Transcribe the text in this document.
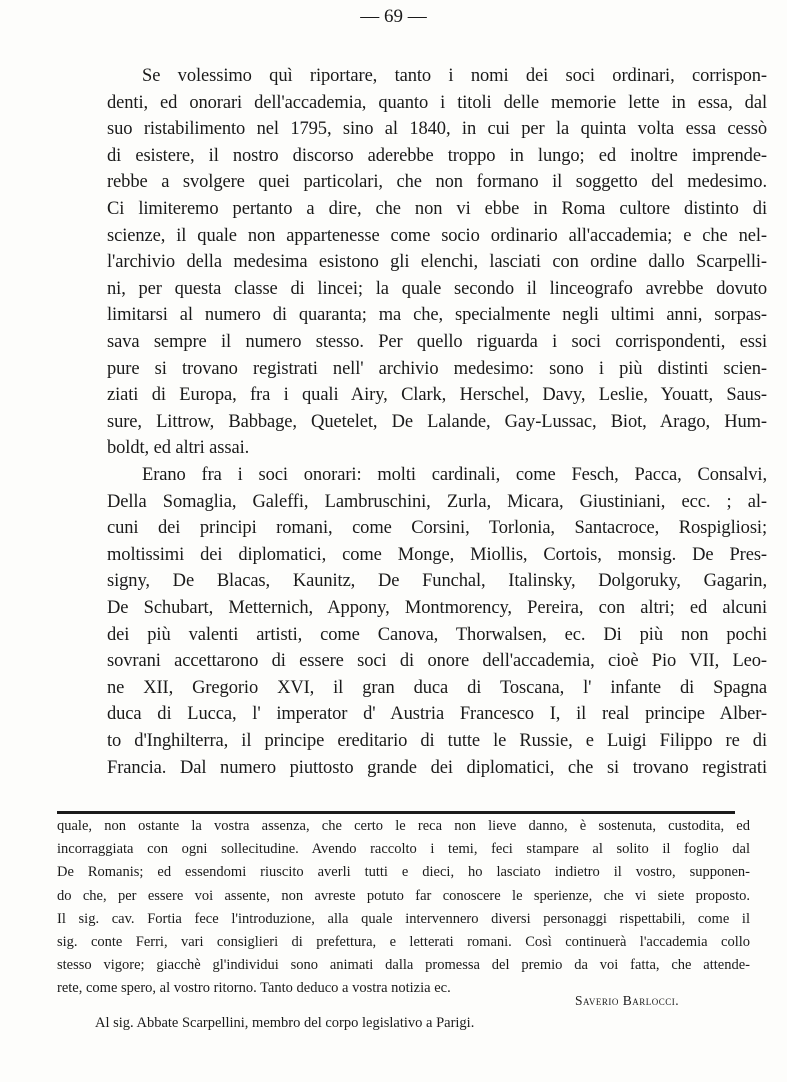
— 69 —
Se volessimo quì riportare, tanto i nomi dei soci ordinari, corrispon-
denti, ed onorari dell'accademia, quanto i titoli delle memorie lette in essa, dal
suo ristabilimento nel 1795, sino al 1840, in cui per la quinta volta essa cessò
di esistere, il nostro discorso aderebbe troppo in lungo; ed inoltre imprende-
rebbe a svolgere quei particolari, che non formano il soggetto del medesimo.
Ci limiteremo pertanto a dire, che non vi ebbe in Roma cultore distinto di
scienze, il quale non appartenesse come socio ordinario all'accademia; e che nel-
l'archivio della medesima esistono gli elenchi, lasciati con ordine dallo Scarpelli-
ni, per questa classe di lincei; la quale secondo il linceografo avrebbe dovuto
limitarsi al numero di quaranta; ma che, specialmente negli ultimi anni, sorpas-
sava sempre il numero stesso. Per quello riguarda i soci corrispondenti, essi
pure si trovano registrati nell' archivio medesimo: sono i più distinti scien-
ziati di Europa, fra i quali Airy, Clark, Herschel, Davy, Leslie, Youatt, Saus-
sure, Littrow, Babbage, Quetelet, De Lalande, Gay-Lussac, Biot, Arago, Hum-
boldt, ed altri assai.
Erano fra i soci onorari: molti cardinali, come Fesch, Pacca, Consalvi,
Della Somaglia, Galeffi, Lambruschini, Zurla, Micara, Giustiniani, ecc. ; al-
cuni dei principi romani, come Corsini, Torlonia, Santacroce, Rospigliosi;
moltissimi dei diplomatici, come Monge, Miollis, Cortois, monsig. De Pres-
signy, De Blacas, Kaunitz, De Funchal, Italinsky, Dolgoruky, Gagarin,
De Schubart, Metternich, Appony, Montmorency, Pereira, con altri; ed alcuni
dei più valenti artisti, come Canova, Thorwalsen, ec. Di più non pochi
sovrani accettarono di essere soci di onore dell'accademia, cioè Pio VII, Leo-
ne XII, Gregorio XVI, il gran duca di Toscana, l' infante di Spagna
duca di Lucca, l' imperator d' Austria Francesco I, il real principe Alber-
to d'Inghilterra, il principe ereditario di tutte le Russie, e Luigi Filippo re di
Francia. Dal numero piuttosto grande dei diplomatici, che si trovano registrati
quale, non ostante la vostra assenza, che certo le reca non lieve danno, è sostenuta, custodita, ed
incorraggiata con ogni sollecitudine. Avendo raccolto i temi, feci stampare al solito il foglio dal
De Romanis; ed essendomi riuscito averli tutti e dieci, ho lasciato indietro il vostro, supponen-
do che, per essere voi assente, non avreste potuto far conoscere le sperienze, che vi siete proposto.
Il sig. cav. Fortia fece l'introduzione, alla quale intervennero diversi personaggi rispettabili, come il
sig. conte Ferri, vari consiglieri di prefettura, e letterati romani. Così continuerà l'accademia collo
stesso vigore; giacchè gl'individui sono animati dalla promessa del premio da voi fatta, che attende-
rete, come spero, al vostro ritorno. Tanto deduco a vostra notizia ec.
Saverio Barlocci.
Al sig. Abbate Scarpellini, membro del corpo legislativo a Parigi.
